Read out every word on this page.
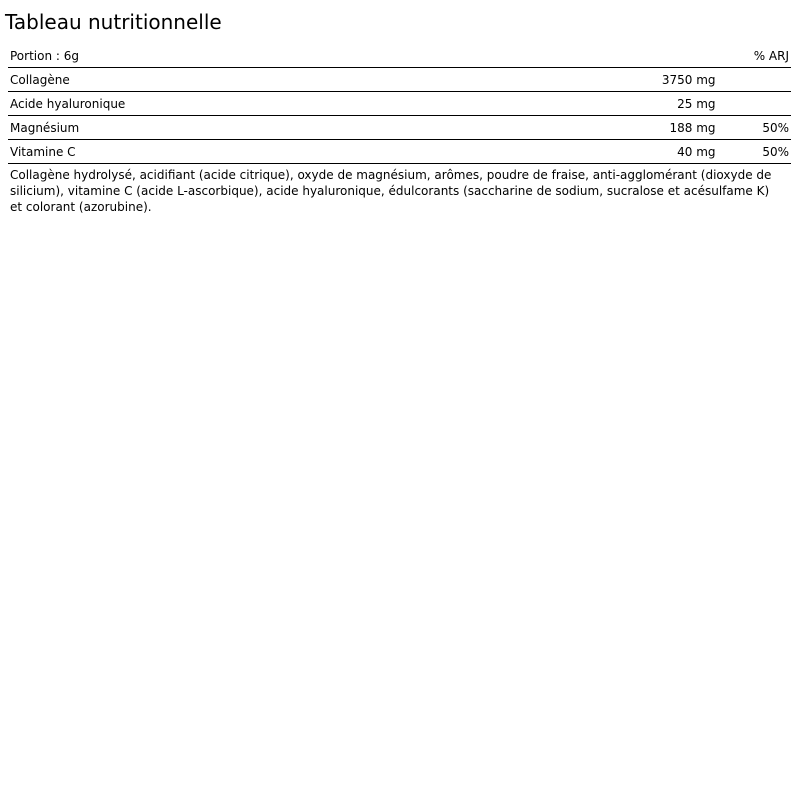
Tableau nutritionnelle
Portion : 6g		% ARJ
Collagène	3750 mg	
Acide hyaluronique	25 mg	
Magnésium	188 mg	50%
Vitamine C	40 mg	50%

Collagène hydrolysé, acidifiant (acide citrique), oxyde de magnésium, arômes, poudre de fraise, anti-agglomérant (dioxyde de silicium), vitamine C (acide L-ascorbique), acide hyaluronique, édulcorants (saccharine de sodium, sucralose et acésulfame K) et colorant (azorubine).
